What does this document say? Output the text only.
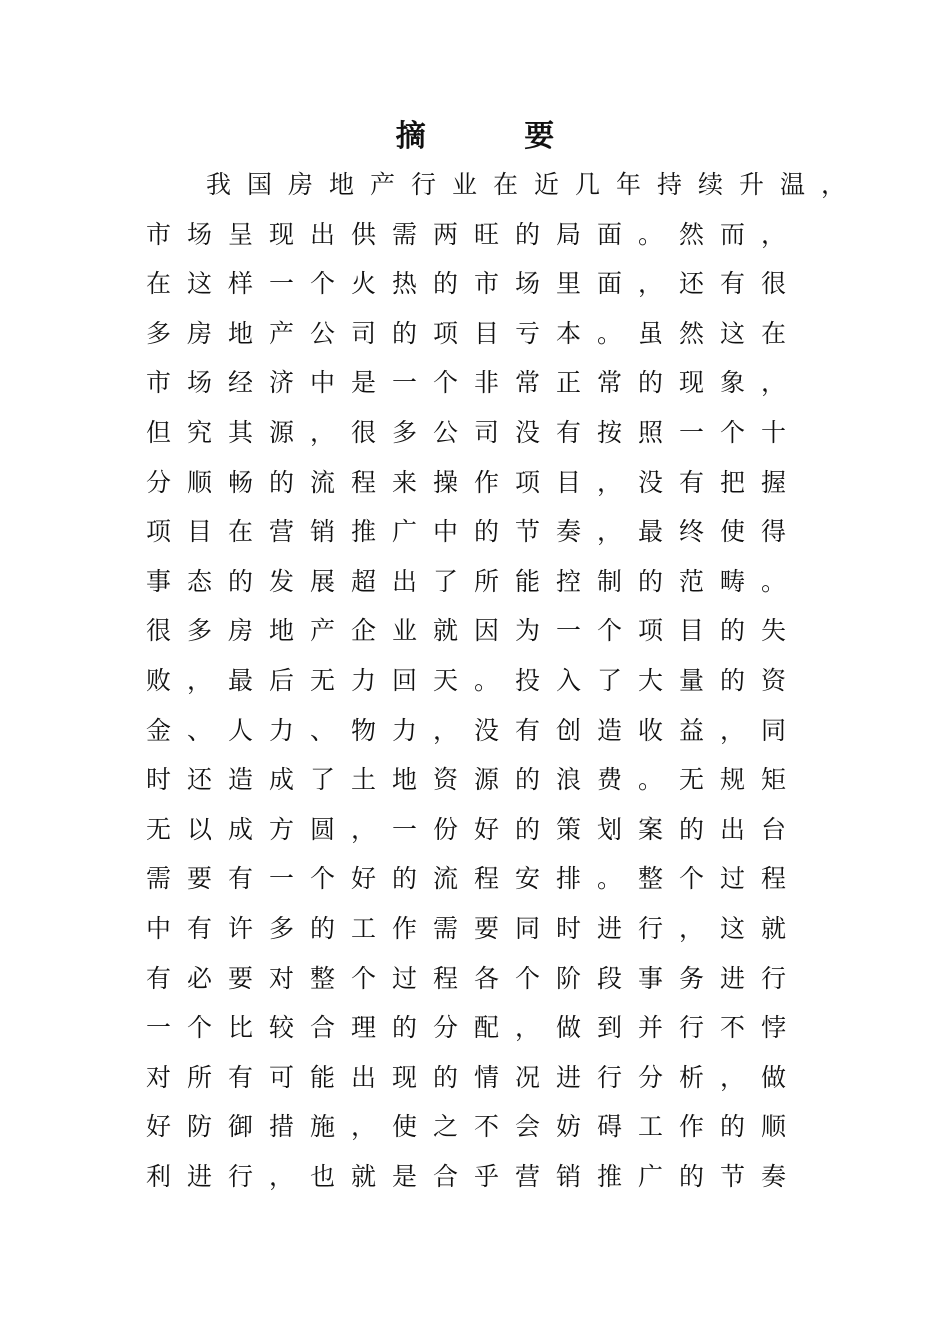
摘 要
我国房地产行业在近几年持续升温，
市场呈现出供需两旺的局面。然而，
在这样一个火热的市场里面，还有很
多房地产公司的项目亏本。虽然这在
市场经济中是一个非常正常的现象，
但究其源，很多公司没有按照一个十
分顺畅的流程来操作项目，没有把握
项目在营销推广中的节奏，最终使得
事态的发展超出了所能控制的范畴。
很多房地产企业就因为一个项目的失
败，最后无力回天。投入了大量的资
金、人力、物力，没有创造收益，同
时还造成了土地资源的浪费。无规矩
无以成方圆，一份好的策划案的出台
需要有一个好的流程安排。整个过程
中有许多的工作需要同时进行，这就
有必要对整个过程各个阶段事务进行
一个比较合理的分配，做到并行不悖
对所有可能出现的情况进行分析，做
好防御措施，使之不会妨碍工作的顺
利进行，也就是合乎营销推广的节奏
